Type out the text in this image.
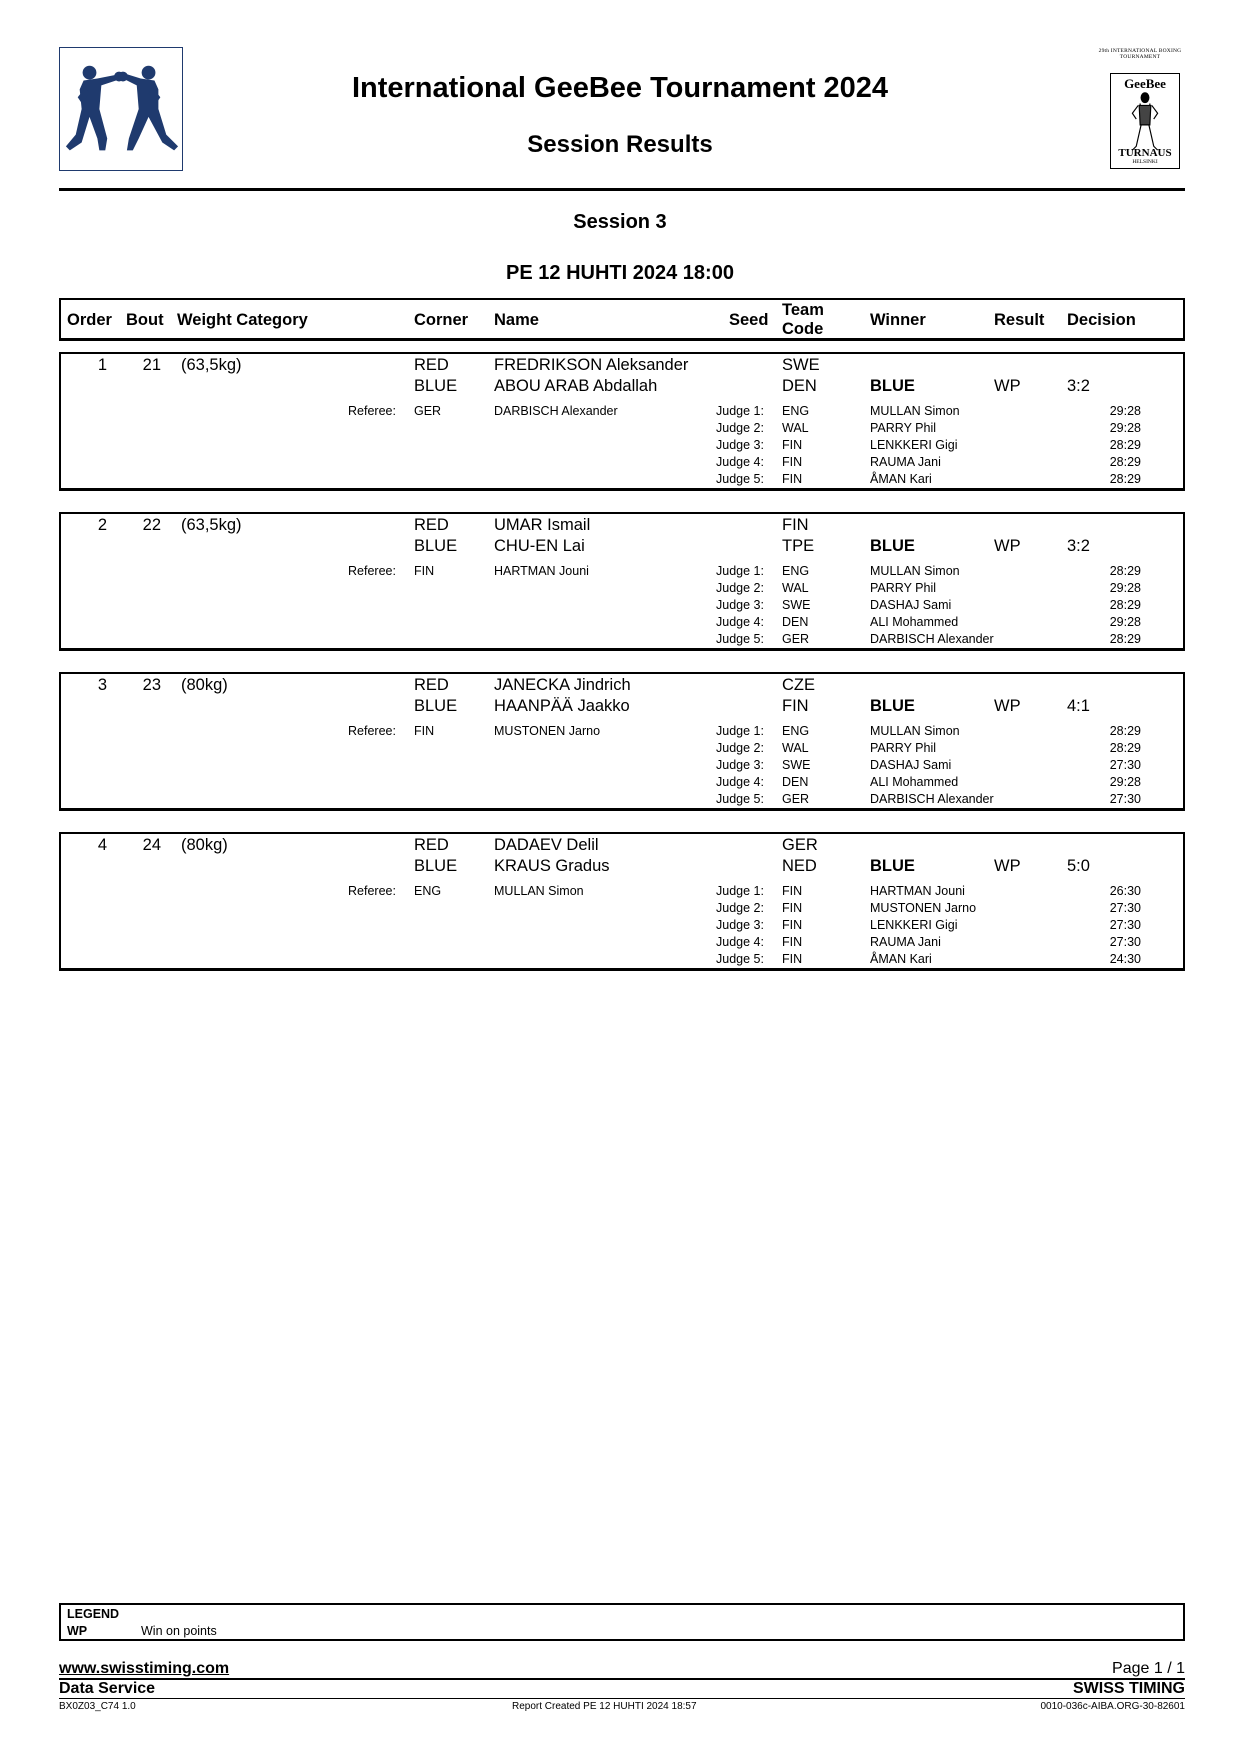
29th INTERNATIONAL BOXING TOURNAMENT
GeeBee
TURNAUS
HELSINKI
International GeeBee Tournament 2024
Session Results
Session 3
PE 12 HUHTI 2024 18:00
Order Bout Weight Category	Corner Name	Seed
Team
Code	Winner	Result Decision
1	21 (63,5kg)	RED	FREDRIKSON Aleksander	SWE
BLUE ABOU ARAB Abdallah	DEN	BLUE	WP	3:2
Referee: GER	DARBISCH Alexander	Judge 1: ENG	MULLAN Simon	29:28
Judge 2: WAL	PARRY Phil	29:28
Judge 3: FIN	LENKKERI Gigi	28:29
Judge 4: FIN	RAUMA Jani	28:29
Judge 5: FIN	ÅMAN Kari	28:29
2	22 (63,5kg)	RED	UMAR Ismail	FIN
BLUE CHU-EN Lai	TPE	BLUE	WP	3:2
Referee: FIN	HARTMAN Jouni	Judge 1: ENG	MULLAN Simon	28:29
Judge 2: WAL	PARRY Phil	29:28
Judge 3: SWE	DASHAJ Sami	28:29
Judge 4: DEN	ALI Mohammed	29:28
Judge 5: GER	DARBISCH Alexander	28:29
3	23 (80kg)	RED	JANECKA Jindrich	CZE
BLUE HAANPÄÄ Jaakko	FIN	BLUE	WP	4:1
Referee: FIN	MUSTONEN Jarno	Judge 1: ENG	MULLAN Simon	28:29
Judge 2: WAL	PARRY Phil	28:29
Judge 3: SWE	DASHAJ Sami	27:30
Judge 4: DEN	ALI Mohammed	29:28
Judge 5: GER	DARBISCH Alexander	27:30
4	24 (80kg)	RED	DADAEV Delil	GER
BLUE KRAUS Gradus	NED	BLUE	WP	5:0
Referee: ENG	MULLAN Simon	Judge 1: FIN	HARTMAN Jouni	26:30
Judge 2: FIN	MUSTONEN Jarno	27:30
Judge 3: FIN	LENKKERI Gigi	27:30
Judge 4: FIN	RAUMA Jani	27:30
Judge 5: FIN	ÅMAN Kari	24:30
LEGEND
WP	Win on points
www.swisstiming.com	Page 1 / 1
Data Service	SWISS TIMING
BX0Z03_C74 1.0	Report Created PE 12 HUHTI 2024 18:57	0010-036c-AIBA.ORG-30-82601
